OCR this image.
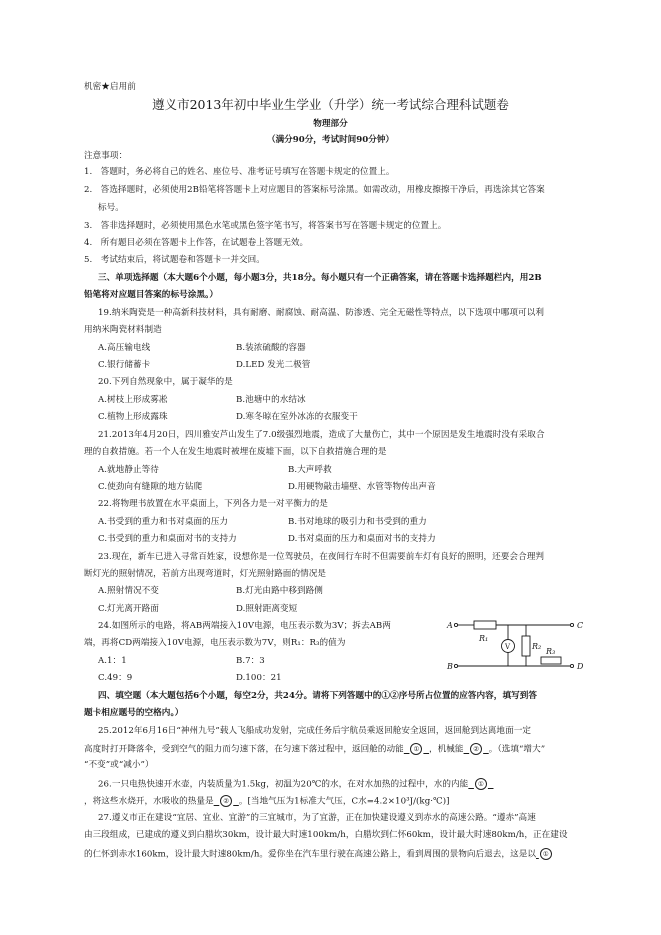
机密★启用前
遵义市2013年初中毕业生学业（升学）统一考试综合理科试题卷
物理部分
（满分90分，考试时间90分钟）
注意事项：
1. 答题时，务必将自己的姓名、座位号、准考证号填写在答题卡规定的位置上。
2. 答选择题时，必须使用2B铅笔将答题卡上对应题目的答案标号涂黑。如需改动，用橡皮擦擦干净后，再选涂其它答案
标号。
3. 答非选择题时，必须使用黑色水笔或黑色签字笔书写，将答案书写在答题卡规定的位置上。
4. 所有题目必须在答题卡上作答，在试题卷上答题无效。
5. 考试结束后，将试题卷和答题卡一并交回。
三、单项选择题（本大题6个小题，每小题3分，共18分。每小题只有一个正确答案，请在答题卡选择题栏内，用2B
铅笔将对应题目答案的标号涂黑。）
19.纳米陶瓷是一种高新科技材料，具有耐磨、耐腐蚀、耐高温、防渗透、完全无磁性等特点，以下选项中哪项可以利
用纳米陶瓷材料制造
A.高压输电线	B.装浓硫酸的容器
C.银行储蓄卡	D.LED 发光二极管
20.下列自然现象中，属于凝华的是
A.树枝上形成雾凇	B.池塘中的水结冰
C.植物上形成露珠	D.寒冬晾在室外冰冻的衣服变干
21.2013年4月20日，四川雅安芦山发生了7.0级强烈地震，造成了大量伤亡，其中一个原因是发生地震时没有采取合
理的自救措施。若一个人在发生地震时被埋在废墟下面，以下自救措施合理的是
A.就地静止等待	B.大声呼救
C.使劲向有缝隙的地方钻爬	D.用硬物敲击墙壁、水管等物传出声音
22.将物理书放置在水平桌面上，下列各力是一对平衡力的是
A.书受到的重力和书对桌面的压力	B.书对地球的吸引力和书受到的重力
C.书受到的重力和桌面对书的支持力	D.书对桌面的压力和桌面对书的支持力
23.现在，新车已进入寻常百姓家，设想你是一位驾驶员，在夜间行车时不但需要前车灯有良好的照明，还要会合理判
断灯光的照射情况，若前方出现弯道时，灯光照射路面的情况是
A.照射情况不变	B.灯光由路中移到路侧
C.灯光离开路面	D.照射距离变短
24.如图所示的电路，将AB两端接入10V电源，电压表示数为3V；拆去AB两
端，再将CD两端接入10V电源，电压表示数为7V，则R₁：R₃的值为
A.1：1	B.7：3
C.49：9	D.100：21
A
B
C
D
R₁
R₂
R₃
V
四、填空题（本大题包括6个小题，每空2分，共24分。请将下列答题中的①②序号所占位置的应答内容，填写到答
题卡相应题号的空格内。）
25.2012年6月16日“神州九号”载人飞船成功发射，完成任务后宇航员乘返回舱安全返回，返回舱到达离地面一定
高度时打开降落伞，受到空气的阻力而匀速下落，在匀速下落过程中，返回舱的动能 ① ，机械能 ② 。（选填“增大”
“不变”或“减小”）
26.一只电热快速开水壶，内装质量为1.5kg，初温为20℃的水，在对水加热的过程中，水的内能 ①
，将这些水烧开，水吸收的热量是 ② 。[当地气压为1标准大气压，C水=4.2×10³J/(kg·℃)]
27.遵义市正在建设“宜居、宜业、宜游”的三宜城市，为了宜游，正在加快建设遵义到赤水的高速公路。“遵赤”高速
由三段组成，已建成的遵义到白腊坎30km，设计最大时速100km/h，白腊坎到仁怀60km，设计最大时速80km/h，正在建设
的仁怀到赤水160km，设计最大时速80km/h。爱你坐在汽车里行驶在高速公路上，看到周围的景物向后退去，这是以 ①
